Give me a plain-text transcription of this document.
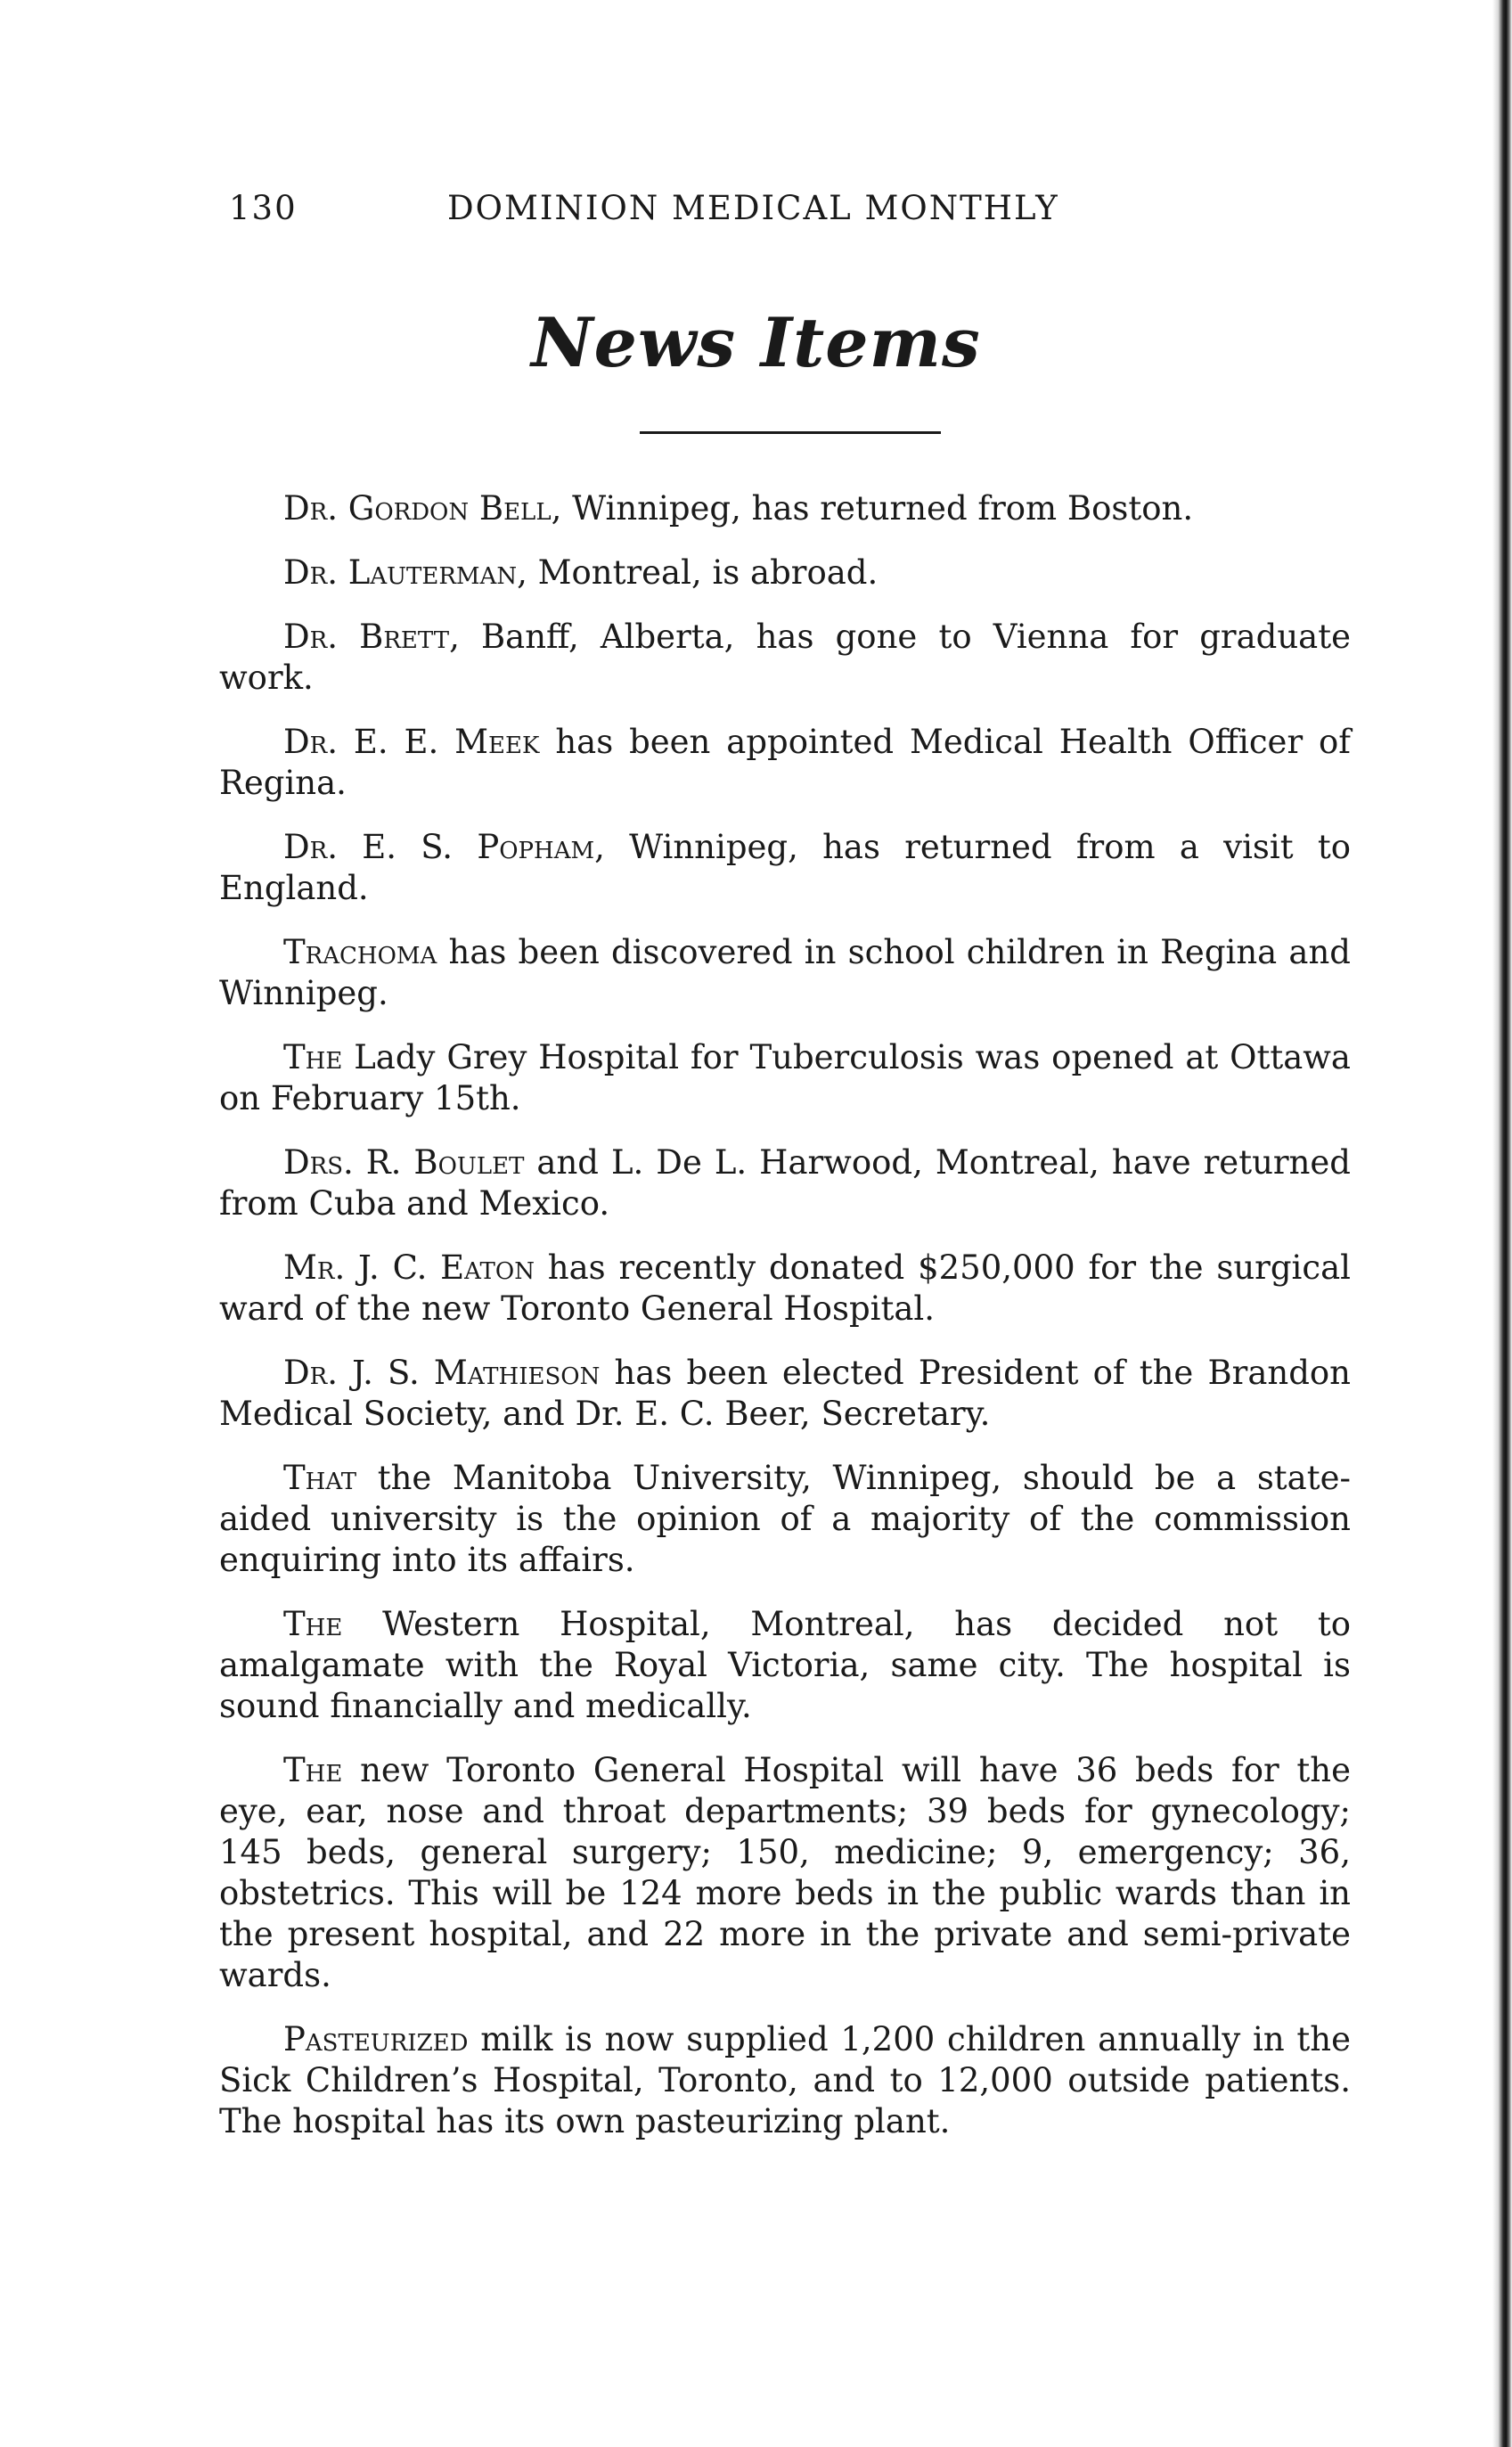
130	DOMINION MEDICAL MONTHLY
News Items

Dr. Gordon Bell, Winnipeg, has returned from Boston.

Dr. Lauterman, Montreal, is abroad.

Dr. Brett, Banff, Alberta, has gone to Vienna for graduate work.

Dr. E. E. Meek has been appointed Medical Health Officer of Regina.

Dr. E. S. Popham, Winnipeg, has returned from a visit to England.

Trachoma has been discovered in school children in Regina and Winnipeg.

The Lady Grey Hospital for Tuberculosis was opened at Ottawa on February 15th.

Drs. R. Boulet and L. De L. Harwood, Montreal, have returned from Cuba and Mexico.

Mr. J. C. Eaton has recently donated $250,000 for the surgical ward of the new Toronto General Hospital.

Dr. J. S. Mathieson has been elected President of the Brandon Medical Society, and Dr. E. C. Beer, Secretary.

That the Manitoba University, Winnipeg, should be a state-aided university is the opinion of a majority of the commission enquiring into its affairs.

The Western Hospital, Montreal, has decided not to amalgamate with the Royal Victoria, same city. The hospital is sound financially and medically.

The new Toronto General Hospital will have 36 beds for the eye, ear, nose and throat departments; 39 beds for gynecology; 145 beds, general surgery; 150, medicine; 9, emergency; 36, obstetrics. This will be 124 more beds in the public wards than in the present hospital, and 22 more in the private and semi-private wards.

Pasteurized milk is now supplied 1,200 children annually in the Sick Children’s Hospital, Toronto, and to 12,000 outside patients. The hospital has its own pasteurizing plant.
